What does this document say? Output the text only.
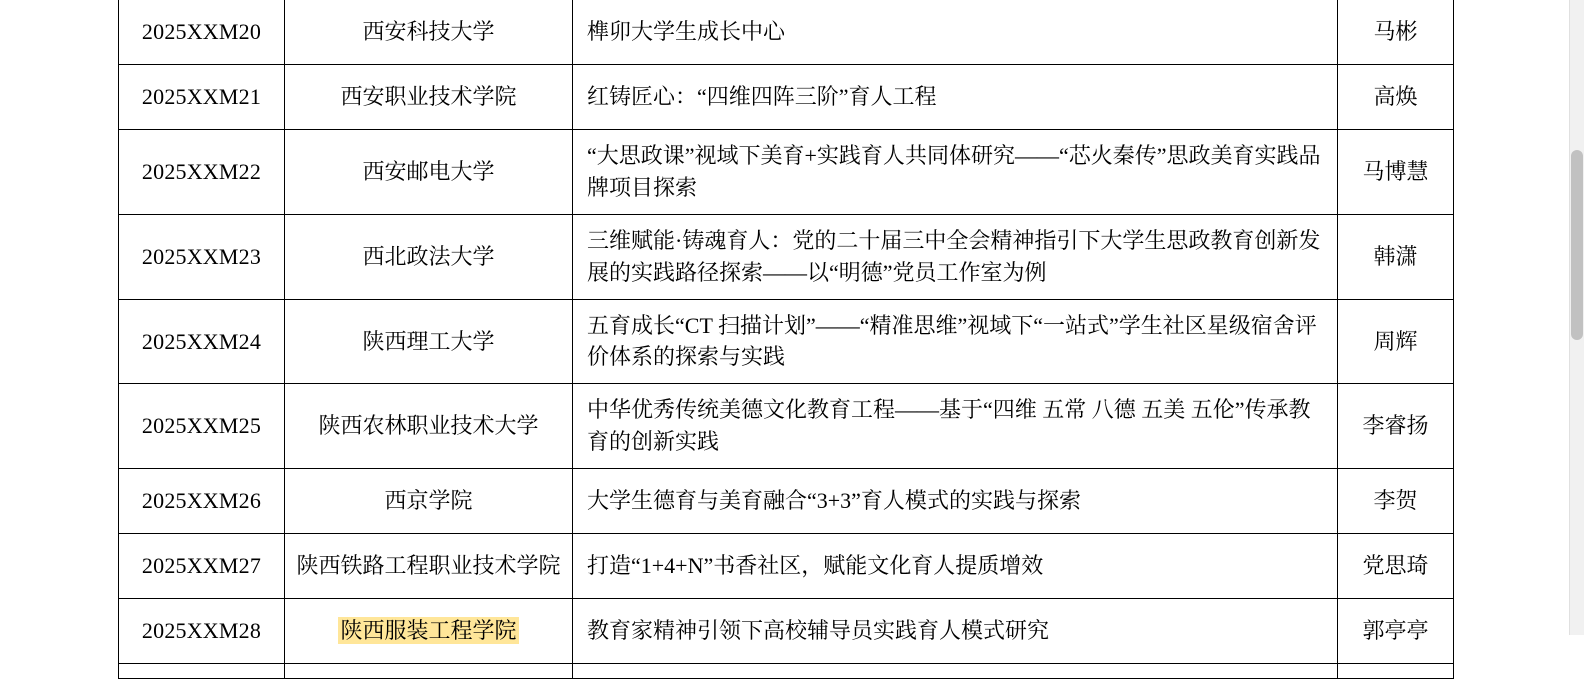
2025XXM20	西安科技大学	榫卯大学生成长中心	马彬
2025XXM21	西安职业技术学院	红铸匠心：“四维四阵三阶”育人工程	高焕
2025XXM22	西安邮电大学	“大思政课”视域下美育+实践育人共同体研究——“芯火秦传”思政美育实践品牌项目探索	马博慧
2025XXM23	西北政法大学	三维赋能·铸魂育人：党的二十届三中全会精神指引下大学生思政教育创新发展的实践路径探索——以“明德”党员工作室为例	韩潇
2025XXM24	陕西理工大学	五育成长“CT 扫描计划”——“精准思维”视域下“一站式”学生社区星级宿舍评价体系的探索与实践	周辉
2025XXM25	陕西农林职业技术大学	中华优秀传统美德文化教育工程——基于“四维 五常 八德 五美 五伦”传承教育的创新实践	李睿扬
2025XXM26	西京学院	大学生德育与美育融合“3+3”育人模式的实践与探索	李贺
2025XXM27	陕西铁路工程职业技术学院	打造“1+4+N”书香社区，赋能文化育人提质增效	党思琦
2025XXM28	陕西服装工程学院	教育家精神引领下高校辅导员实践育人模式研究	郭亭亭
